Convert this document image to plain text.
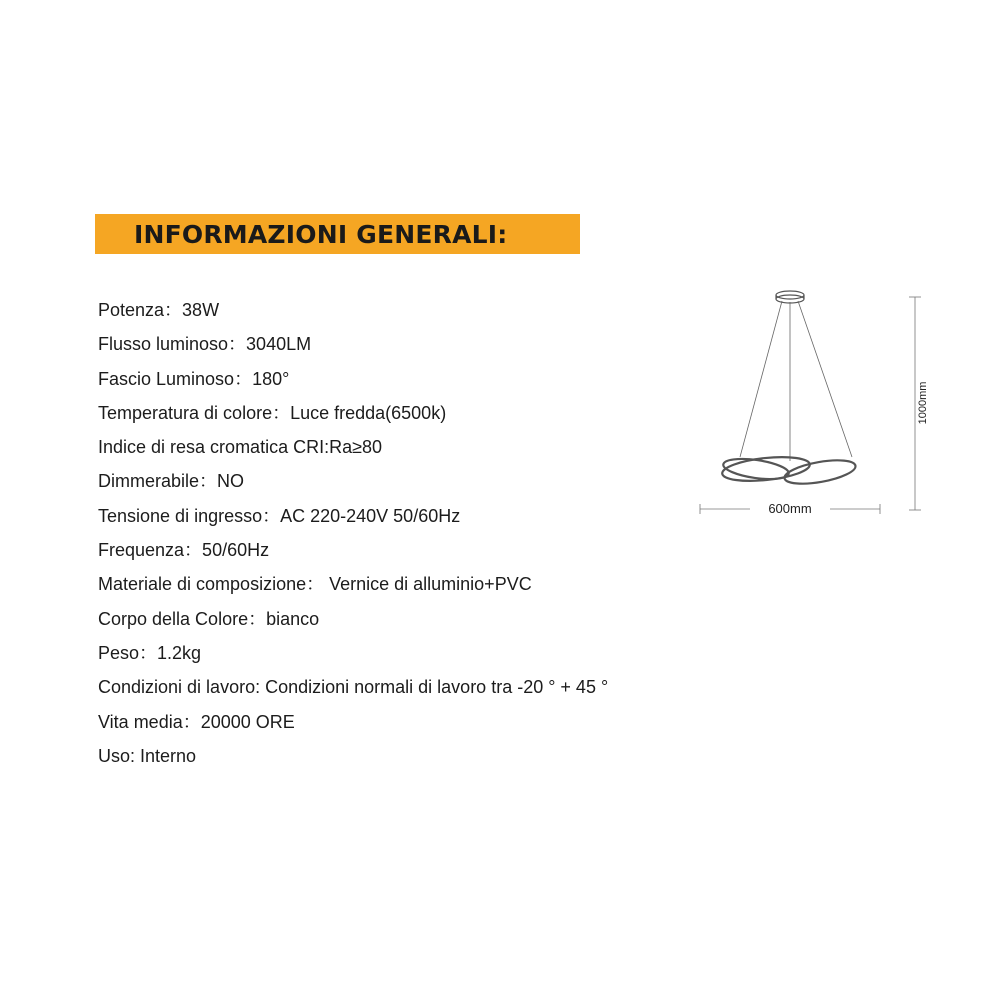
INFORMAZIONI GENERALI:
Potenza：38W
Flusso luminoso：3040LM
Fascio Luminoso：180°
Temperatura di colore：Luce fredda(6500k)
Indice di resa cromatica CRI:Ra≥80
Dimmerabile：NO
Tensione di ingresso：AC 220-240V 50/60Hz
Frequenza：50/60Hz
Materiale di composizione： Vernice di alluminio+PVC
Corpo della Colore：bianco
Peso：1.2kg
Condizioni di lavoro: Condizioni normali di lavoro tra -20 ° + 45 °
Vita media：20000 ORE
Uso: Interno
1000mm
600mm
